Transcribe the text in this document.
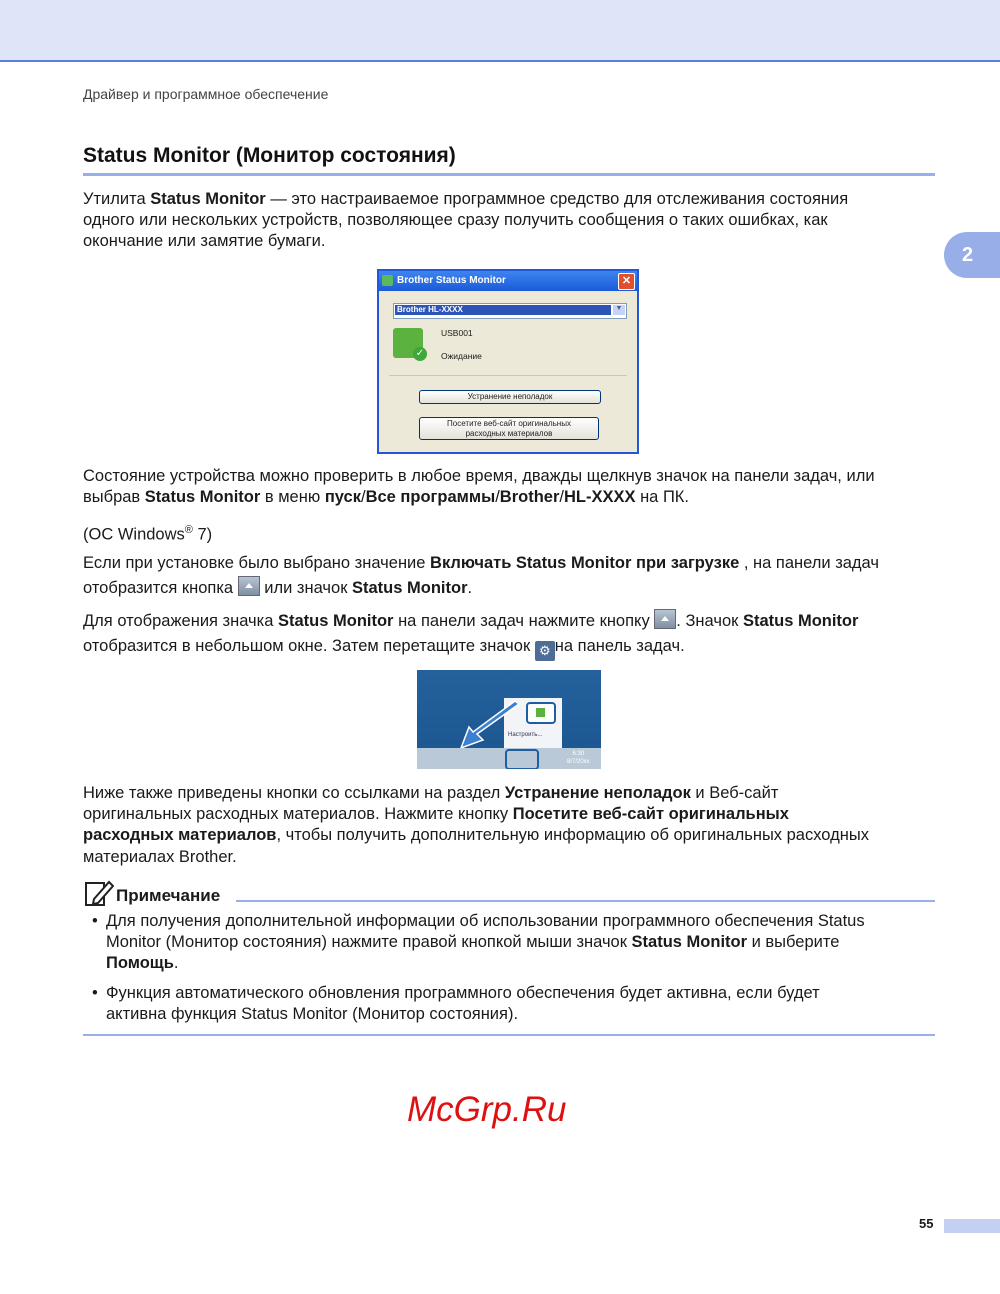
Драйвер и программное обеспечение
2
Status Monitor (Монитор состояния)
Утилита Status Monitor — это настраиваемое программное средство для отслеживания состояния
одного или нескольких устройств, позволяющее сразу получить сообщения о таких ошибках, как
окончание или замятие бумаги.
Brother Status Monitor	✕
Brother HL-XXXX	▼
✓
USB001
Ожидание
Устранение неполадок
Посетите веб-сайт оригинальных
расходных материалов
Состояние устройства можно проверить в любое время, дважды щелкнув значок на панели задач, или
выбрав Status Monitor в меню пуск/Все программы/Brother/HL-XXXX на ПК.
(ОС Windows® 7)
Если при установке было выбрано значение Включать Status Monitor при загрузке , на панели задач
отобразится кнопка  или значок Status Monitor.
Для отображения значка Status Monitor на панели задач нажмите кнопку . Значок Status Monitor
отобразится в небольшом окне. Затем перетащите значок ⚙ на панель задач.
Настроить...
6:30
8/7/20xx
Ниже также приведены кнопки со ссылками на раздел Устранение неполадок и Веб-сайт
оригинальных расходных материалов. Нажмите кнопку Посетите веб-сайт оригинальных
расходных материалов, чтобы получить дополнительную информацию об оригинальных расходных
материалах Brother.
Примечание
• Для получения дополнительной информации об использовании программного обеспечения Status
Monitor (Монитор состояния) нажмите правой кнопкой мыши значок Status Monitor и выберите
Помощь.
• Функция автоматического обновления программного обеспечения будет активна, если будет
активна функция Status Monitor (Монитор состояния).
McGrp.Ru
55
